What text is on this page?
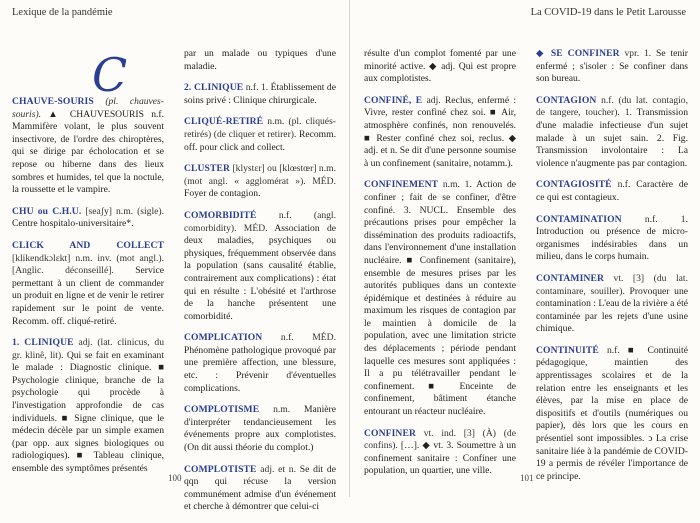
Lexique de la pandémie
C
CHAUVE-SOURIS (pl. chauves-souris). ▲ CHAUVESOURIS n.f. Mammifère volant, le plus souvent insectivore, de l'ordre des chiroptères, qui se dirige par écholocation et se repose ou hiberne dans des lieux sombres et humides, tel que la noctule, la roussette et le vampire.
CHU ou C.H.U. [seaʃy] n.m. (sigle). Centre hospitalo-universitaire*.
CLICK AND COLLECT [klikendkɔlɛkt] n.m. inv. (mot angl.). [Anglic. déconseillé]. Service permettant à un client de commander un produit en ligne et de venir le retirer rapidement sur le point de vente. Recomm. off. cliqué-retiré.
1. CLINIQUE adj. (lat. clinicus, du gr. klinê, lit). Qui se fait en examinant le malade : Diagnostic clinique. ■ Psychologie clinique, branche de la psychologie qui procède à l'investigation approfondie de cas individuels. ■ Signe clinique, que le médecin décèle par un simple examen (par opp. aux signes biologiques ou radiologiques). ■ Tableau clinique, ensemble des symptômes présentés
par un malade ou typiques d'une maladie.
2. CLINIQUE n.f. 1. Établissement de soins privé : Clinique chirurgicale.
CLIQUÉ-RETIRÉ n.m. (pl. cliqués-retirés) (de cliquer et retirer). Recomm. off. pour click and collect.
CLUSTER [klystɛr] ou [klœstœr] n.m. (mot angl. « agglomérat »). MÉD. Foyer de contagion.
COMORBIDITÉ n.f. (angl. comorbidity). MÉD. Association de deux maladies, psychiques ou physiques, fréquemment observée dans la population (sans causalité établie, contrairement aux complications) : état qui en résulte : L'obésité et l'arthrose de la hanche présentent une comorbidité.
COMPLICATION n.f. MÉD. Phénomène pathologique provoqué par une première affection, une blessure, etc. : Prévenir d'éventuelles complications.
COMPLOTISME n.m. Manière d'interpréter tendancieusement les événements propre aux complotistes. (On dit aussi théorie du complot.)
COMPLOTISTE adj. et n. Se dit de qqn qui récuse la version communément admise d'un événement et cherche à démontrer que celui-ci
100
La COVID-19 dans le Petit Larousse
résulte d'un complot fomenté par une minorité active. ◆ adj. Qui est propre aux complotistes.
CONFINÉ, E adj. Reclus, enfermé : Vivre, rester confiné chez soi. ■ Air, atmosphère confinés, non renouvelés. ■ Rester confiné chez soi, reclus. ◆ adj. et n. Se dit d'une personne soumise à un confinement (sanitaire, notamm.).
CONFINEMENT n.m. 1. Action de confiner ; fait de se confiner, d'être confiné. 3. NUCL. Ensemble des précautions prises pour empêcher la dissémination des produits radioactifs, dans l'environnement d'une installation nucléaire. ■ Confinement (sanitaire), ensemble de mesures prises par les autorités publiques dans un contexte épidémique et destinées à réduire au maximum les risques de contagion par le maintien à domicile de la population, avec une limitation stricte des déplacements ; période pendant laquelle ces mesures sont appliquées : Il a pu télétravailler pendant le confinement. ■ Enceinte de confinement, bâtiment étanche entourant un réacteur nucléaire.
CONFINER vt. ind. [3] (À) (de confins). […]. ◆ vt. 3. Soumettre à un confinement sanitaire : Confiner une population, un quartier, une ville.
◆ SE CONFINER vpr. 1. Se tenir enfermé ; s'isoler : Se confiner dans son bureau.
CONTAGION n.f. (du lat. contagio, de tangere, toucher). 1. Transmission d'une maladie infectieuse d'un sujet malade à un sujet sain. 2. Fig. Transmission involontaire : La violence n'augmente pas par contagion.
CONTAGIOSITÉ n.f. Caractère de ce qui est contagieux.
CONTAMINATION n.f. 1. Introduction ou présence de micro-organismes indésirables dans un milieu, dans le corps humain.
CONTAMINER vt. [3] (du lat. contaminare, souiller). Provoquer une contamination : L'eau de la rivière a été contaminée par les rejets d'une usine chimique.
CONTINUITÉ n.f. ■ Continuité pédagogique, maintien des apprentissages scolaires et de la relation entre les enseignants et les élèves, par la mise en place de dispositifs et d'outils (numériques ou papier), dès lors que les cours en présentiel sont impossibles. ↄ La crise sanitaire liée à la pandémie de COVID-19 a permis de révéler l'importance de ce principe.
101
